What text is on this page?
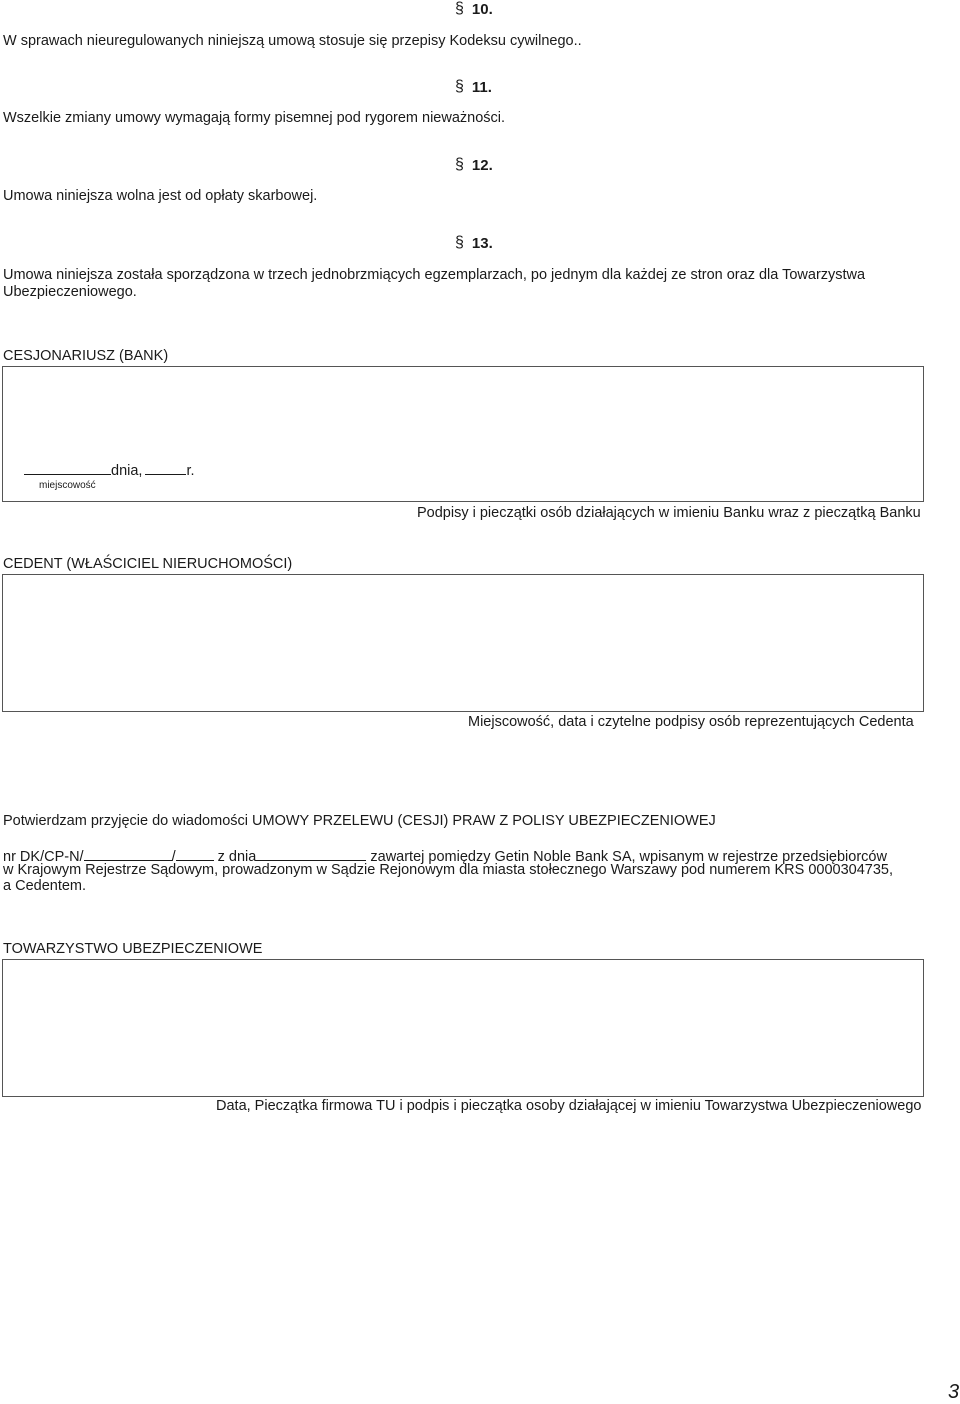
§ 10.
W sprawach nieuregulowanych niniejszą umową stosuje się przepisy Kodeksu cywilnego..
§ 11.
Wszelkie zmiany umowy wymagają formy pisemnej pod rygorem nieważności.
§ 12.
Umowa niniejsza wolna jest od opłaty skarbowej.
§ 13.
Umowa niniejsza została sporządzona w trzech jednobrzmiących egzemplarzach, po jednym dla każdej ze stron oraz dla Towarzystwa
Ubezpieczeniowego.
CESJONARIUSZ (BANK)
dnia,	r.
miejscowość
Podpisy i pieczątki osób działających w imieniu Banku wraz z pieczątką Banku
CEDENT (WŁAŚCICIEL NIERUCHOMOŚCI)
Miejscowość, data i czytelne podpisy osób reprezentujących Cedenta
Potwierdzam przyjęcie do wiadomości UMOWY PRZELEWU (CESJI) PRAW Z POLISY UBEZPIECZENIOWEJ
nr DK/CP-N/	/	z dnia	zawartej pomiędzy Getin Noble Bank SA, wpisanym w rejestrze przedsiębiorców
w Krajowym Rejestrze Sądowym, prowadzonym w Sądzie Rejonowym dla miasta stołecznego Warszawy pod numerem KRS 0000304735,
a Cedentem.
TOWARZYSTWO UBEZPIECZENIOWE
Data, Pieczątka firmowa TU i podpis i pieczątka osoby działającej w imieniu Towarzystwa Ubezpieczeniowego
3
